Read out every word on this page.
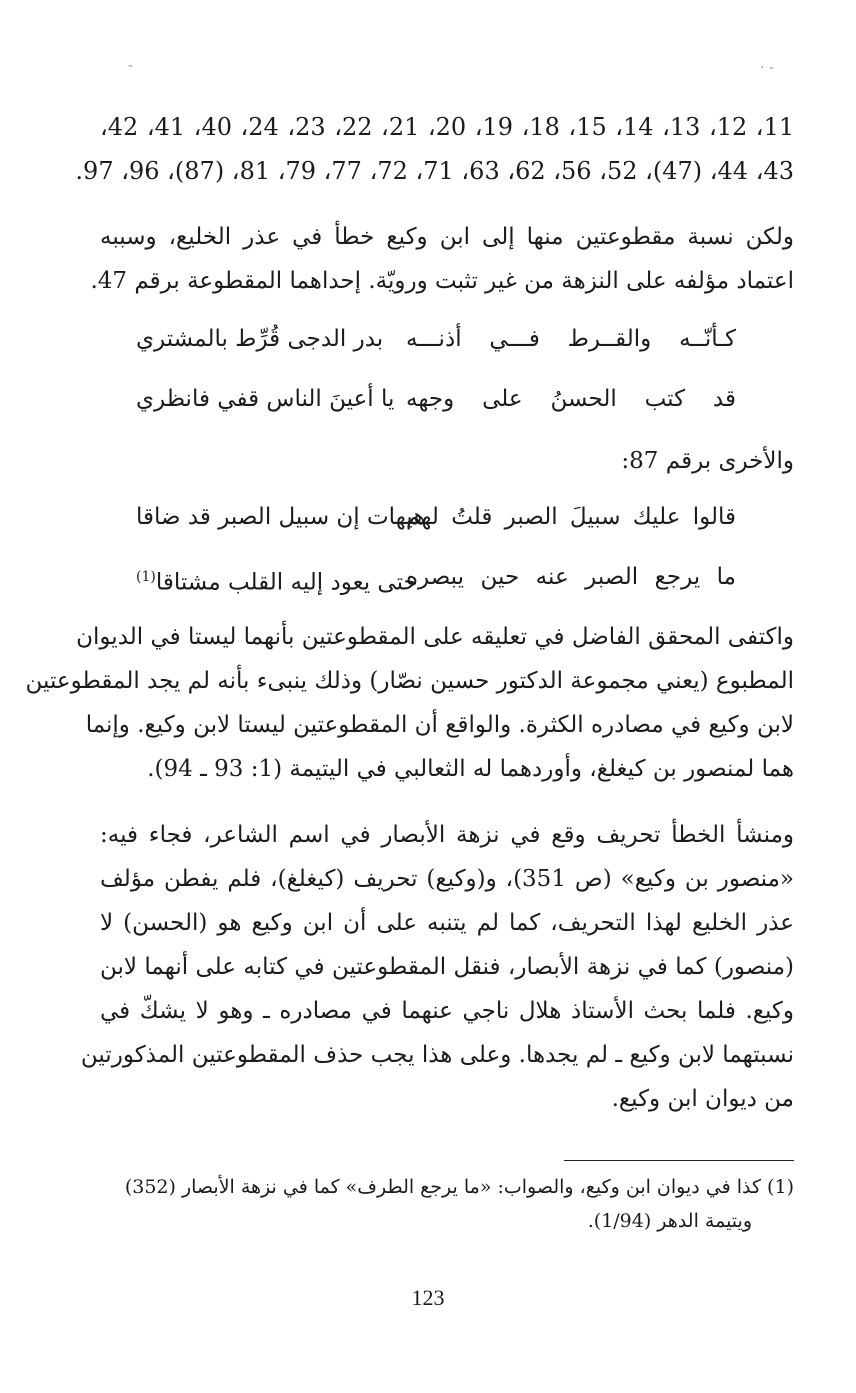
-	· -
11، 12، 13، 14، 15، 18، 19، 20، 21، 22، 23، 24، 40، 41، 42،
43، 44، (47)، 52، 56، 62، 63، 71، 72، 77، 79، 81، (87)، 96، 97.
ولكن نسبة مقطوعتين منها إلى ابن وكيع خطأ في عذر الخليع، وسببه
اعتماد مؤلفه على النزهة من غير تثبت ورويّة. إحداهما المقطوعة برقم 47.
كـأنّــه والقــرط فـــي أذنـــه
بدر الدجى قُرِّط بالمشتري
قد كتب الحسنُ على وجهه
يا أعينَ الناس قفي فانظري
والأخرى برقم 87:
قالوا عليك سبيلَ الصبر قلتُ لهم
هيهات إن سبيل الصبر قد ضاقا
ما يرجع الصبر عنه حين يبصره
حتى يعود إليه القلب مشتاقا$^{(1)}$
واكتفى المحقق الفاضل في تعليقه على المقطوعتين بأنهما ليستا في الديوان
المطبوع (يعني مجموعة الدكتور حسين نصّار) وذلك ينبىء بأنه لم يجد المقطوعتين
لابن وكيع في مصادره الكثرة. والواقع أن المقطوعتين ليستا لابن وكيع. وإنما
هما لمنصور بن كيغلغ، وأوردهما له الثعالبي في اليتيمة (1: 93 ـ 94).
ومنشأ الخطأ تحريف وقع في نزهة الأبصار في اسم الشاعر، فجاء فيه:
«منصور بن وكيع» (ص 351)، و(وكيع) تحريف (كيغلغ)، فلم يفطن مؤلف
عذر الخليع لهذا التحريف، كما لم يتنبه على أن ابن وكيع هو (الحسن) لا
(منصور) كما في نزهة الأبصار، فنقل المقطوعتين في كتابه على أنهما لابن
وكيع. فلما بحث الأستاذ هلال ناجي عنهما في مصادره ـ وهو لا يشكّ في
نسبتهما لابن وكيع ـ لم يجدها. وعلى هذا يجب حذف المقطوعتين المذكورتين
من ديوان ابن وكيع.
(1) كذا في ديوان ابن وكيع، والصواب: «ما يرجع الطرف» كما في نزهة الأبصار (352)
ويتيمة الدهر (1/94).
123
